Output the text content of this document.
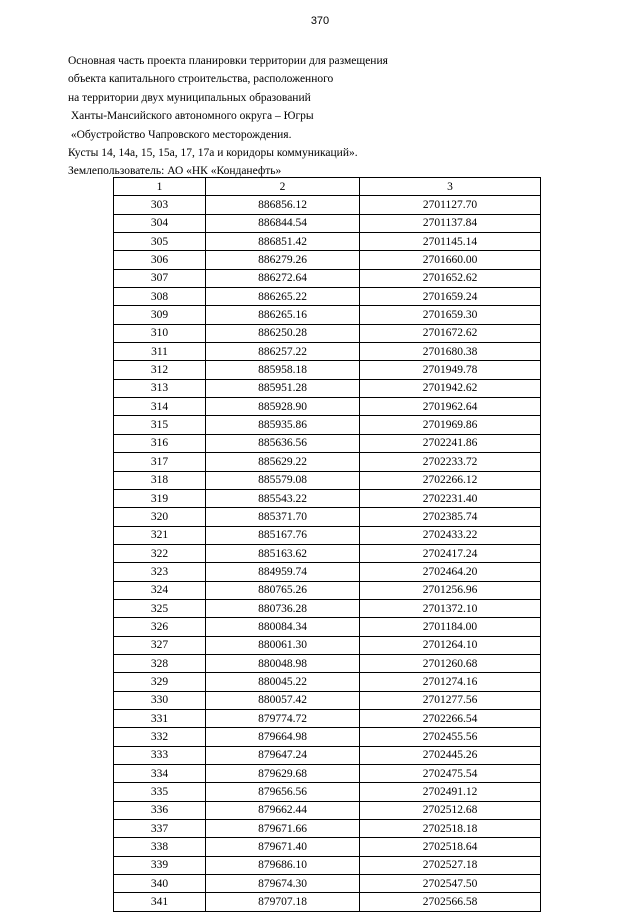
370
Основная часть проекта планировки территории для размещения
объекта капитального строительства, расположенного
на территории двух муниципальных образований
Ханты-Мансийского автономного округа – Югры
«Обустройство Чапровского месторождения.
Кусты 14, 14а, 15, 15а, 17, 17а и коридоры коммуникаций».
Землепользователь: АО «НК «Конданефть»
1	2	3
303	886856.12	2701127.70
304	886844.54	2701137.84
305	886851.42	2701145.14
306	886279.26	2701660.00
307	886272.64	2701652.62
308	886265.22	2701659.24
309	886265.16	2701659.30
310	886250.28	2701672.62
311	886257.22	2701680.38
312	885958.18	2701949.78
313	885951.28	2701942.62
314	885928.90	2701962.64
315	885935.86	2701969.86
316	885636.56	2702241.86
317	885629.22	2702233.72
318	885579.08	2702266.12
319	885543.22	2702231.40
320	885371.70	2702385.74
321	885167.76	2702433.22
322	885163.62	2702417.24
323	884959.74	2702464.20
324	880765.26	2701256.96
325	880736.28	2701372.10
326	880084.34	2701184.00
327	880061.30	2701264.10
328	880048.98	2701260.68
329	880045.22	2701274.16
330	880057.42	2701277.56
331	879774.72	2702266.54
332	879664.98	2702455.56
333	879647.24	2702445.26
334	879629.68	2702475.54
335	879656.56	2702491.12
336	879662.44	2702512.68
337	879671.66	2702518.18
338	879671.40	2702518.64
339	879686.10	2702527.18
340	879674.30	2702547.50
341	879707.18	2702566.58
